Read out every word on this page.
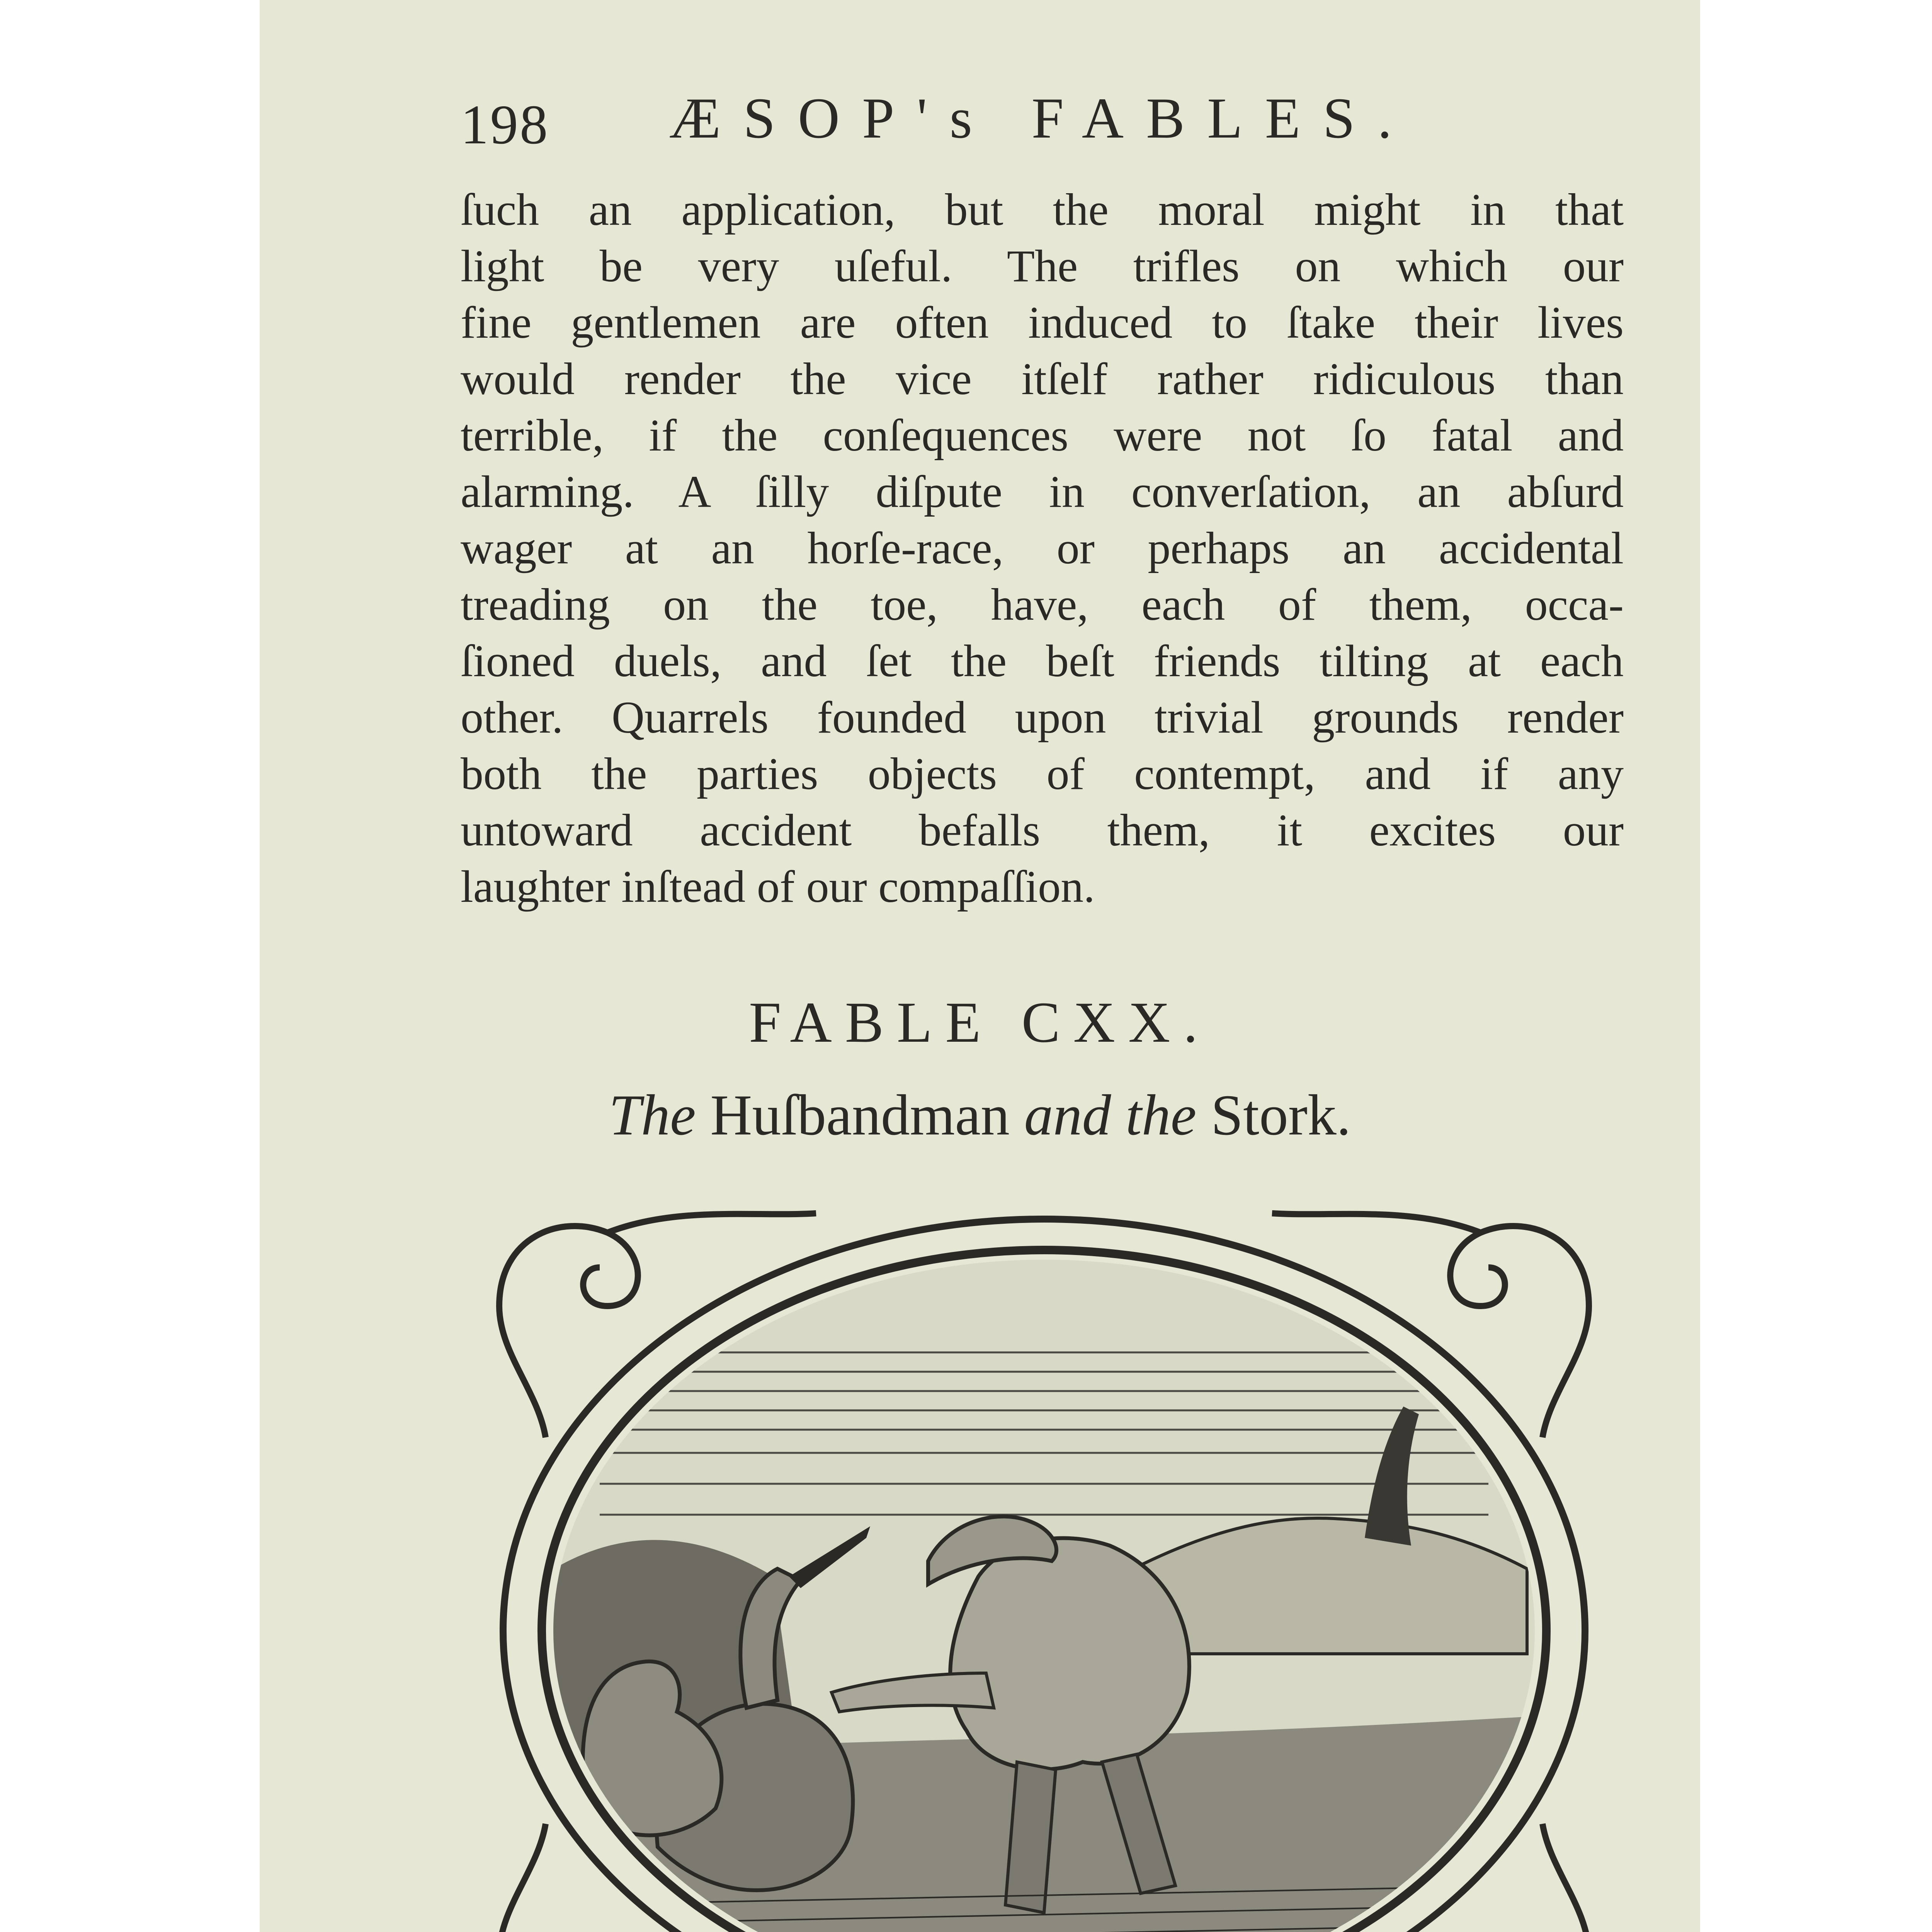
198 ÆSOP's FABLES.
ſuch an application, but the moral might in that
light be very uſeful. The trifles on which our
fine gentlemen are often induced to ſtake their lives
would render the vice itſelf rather ridiculous than
terrible, if the conſequences were not ſo fatal and
alarming. A ſilly diſpute in converſation, an abſurd
wager at an horſe-race, or perhaps an accidental
treading on the toe, have, each of them, occa-
ſioned duels, and ſet the beſt friends tilting at each
other. Quarrels founded upon trivial grounds render
both the parties objects of contempt, and if any
untoward accident befalls them, it excites our
laughter inſtead of our compaſſion.
FABLE CXX.
The Huſbandman and the Stork.
